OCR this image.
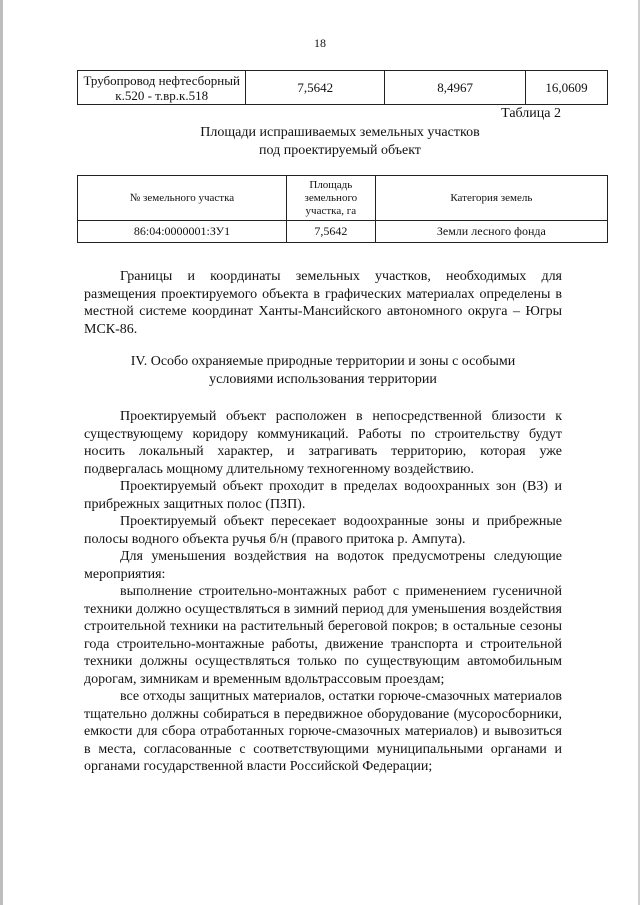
18
Трубопровод нефтесборный к.520 - т.вр.к.518	7,5642	8,4967	16,0609
Таблица 2
Площади испрашиваемых земельных участков
под проектируемый объект
№ земельного участка	Площадь земельного участка, га	Категория земель
86:04:0000001:ЗУ1	7,5642	Земли лесного фонда

Границы и координаты земельных участков, необходимых для размещения проектируемого объекта в графических материалах определены в местной системе координат Ханты-Мансийского автономного округа – Югры МСК-86.

IV. Особо охраняемые природные территории и зоны с особыми
условиями использования территории

Проектируемый объект расположен в непосредственной близости к существующему коридору коммуникаций. Работы по строительству будут носить локальный характер, и затрагивать территорию, которая уже подвергалась мощному длительному техногенному воздействию.

Проектируемый объект проходит в пределах водоохранных зон (ВЗ) и прибрежных защитных полос (ПЗП).

Проектируемый объект пересекает водоохранные зоны и прибрежные полосы водного объекта ручья б/н (правого притока р. Ампута).

Для уменьшения воздействия на водоток предусмотрены следующие мероприятия:

выполнение строительно-монтажных работ с применением гусеничной техники должно осуществляться в зимний период для уменьшения воздействия строительной техники на растительный береговой покров; в остальные сезоны года строительно-монтажные работы, движение транспорта и строительной техники должны осуществляться только по существующим автомобильным дорогам, зимникам и временным вдольтрассовым проездам;

все отходы защитных материалов, остатки горюче-смазочных материалов тщательно должны собираться в передвижное оборудование (мусоросборники, емкости для сбора отработанных горюче-смазочных материалов) и вывозиться в места, согласованные с соответствующими муниципальными органами и органами государственной власти Российской Федерации;
